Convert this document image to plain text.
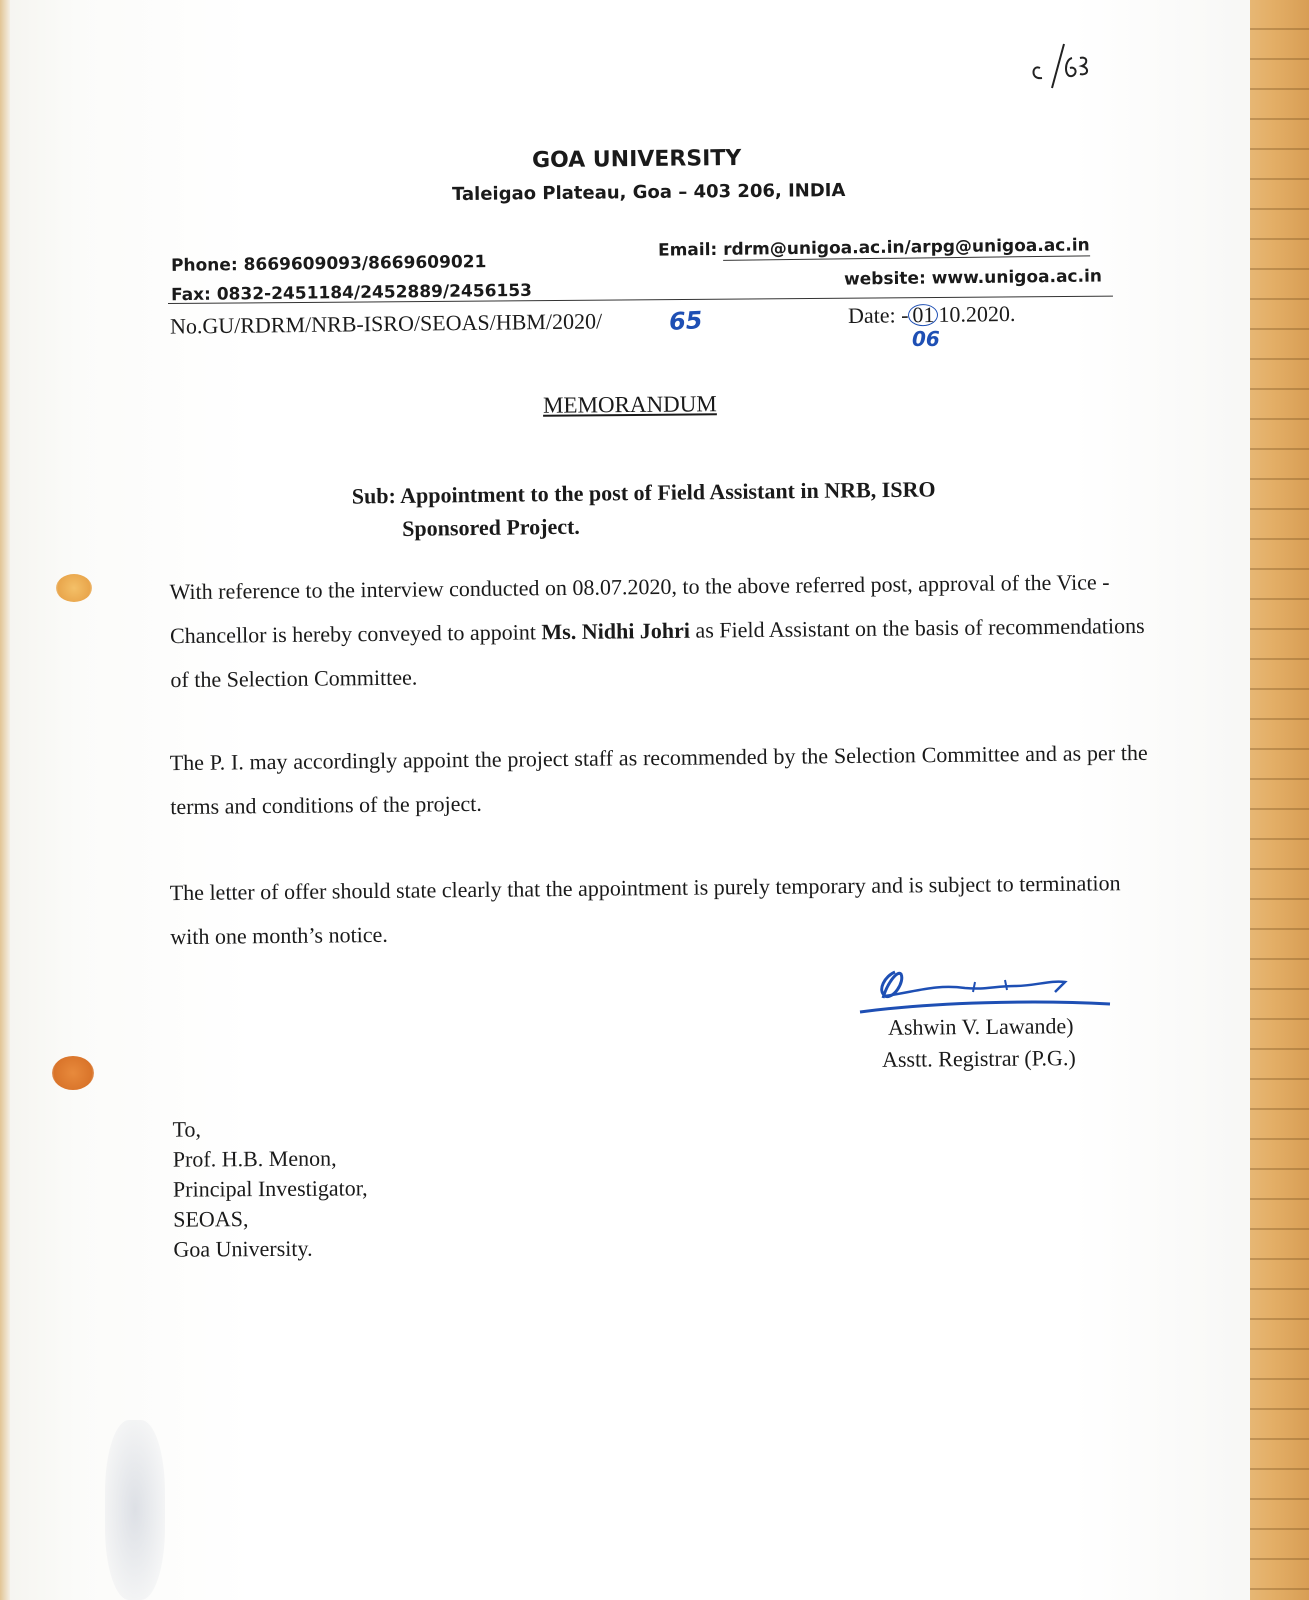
GOA UNIVERSITY
Taleigao Plateau, Goa – 403 206, INDIA
Phone: 8669609093/8669609021
Fax: 0832-2451184/2452889/2456153
Email: rdrm@unigoa.ac.in/arpg@unigoa.ac.in
website: www.unigoa.ac.in
No.GU/RDRM/NRB-ISRO/SEOAS/HBM/2020/	65	Date: - 01 10.2020.
06
MEMORANDUM
Sub: Appointment to the post of Field Assistant in NRB, ISRO
Sponsored Project.
With reference to the interview conducted on 08.07.2020, to the above referred post, approval of the Vice - Chancellor is hereby conveyed to appoint Ms. Nidhi Johri as Field Assistant on the basis of recommendations of the Selection Committee.
The P. I. may accordingly appoint the project staff as recommended by the Selection Committee and as per the terms and conditions of the project.
The letter of offer should state clearly that the appointment is purely temporary and is subject to termination with one month’s notice.
Ashwin V. Lawande)
Asstt. Registrar (P.G.)
To,
Prof. H.B. Menon,
Principal Investigator,
SEOAS,
Goa University.
